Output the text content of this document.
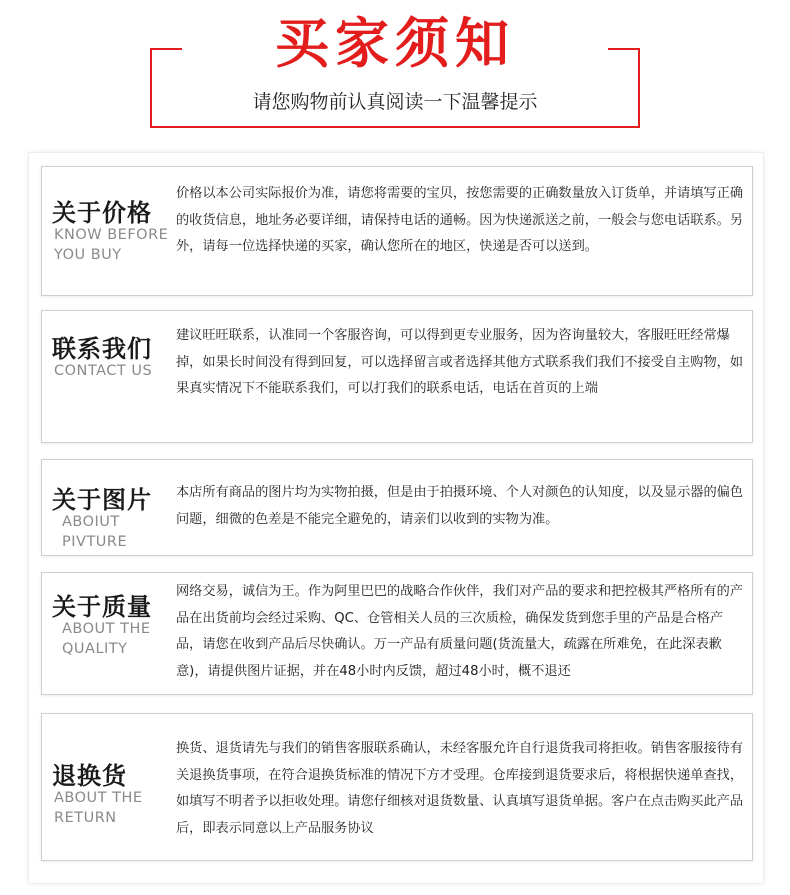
买家须知
请您购物前认真阅读一下温馨提示
关于价格
KNOW BEFORE
YOU BUY
价格以本公司实际报价为准，请您将需要的宝贝，按您需要的正确数量放入订货单，并请填写正确的收货信息，地址务必要详细，请保持电话的通畅。因为快递派送之前，一般会与您电话联系。另外，请每一位选择快递的买家，确认您所在的地区，快递是否可以送到。
联系我们
CONTACT US
建议旺旺联系，认准同一个客服咨询，可以得到更专业服务，因为咨询量较大，客服旺旺经常爆掉，如果长时间没有得到回复，可以选择留言或者选择其他方式联系我们我们不接受自主购物，如果真实情况下不能联系我们，可以打我们的联系电话，电话在首页的上端
关于图片
ABOIUT
PIVTURE
本店所有商品的图片均为实物拍摄，但是由于拍摄环境、个人对颜色的认知度，以及显示器的偏色问题，细微的色差是不能完全避免的，请亲们以收到的实物为准。
关于质量
ABOUT THE
QUALITY
网络交易，诚信为王。作为阿里巴巴的战略合作伙伴，我们对产品的要求和把控极其严格所有的产品在出货前均会经过采购、QC、仓管相关人员的三次质检，确保发货到您手里的产品是合格产品，请您在收到产品后尽快确认。万一产品有质量问题(货流量大，疏露在所难免，在此深表歉意)，请提供图片证据，并在48小时内反馈，超过48小时，概不退还
退换货
ABOUT THE
RETURN
换货、退货请先与我们的销售客服联系确认，未经客服允许自行退货我司将拒收。销售客服接待有关退换货事项，在符合退换货标准的情况下方才受理。仓库接到退货要求后，将根据快递单查找，如填写不明者予以拒收处理。请您仔细核对退货数量、认真填写退货单据。客户在点击购买此产品后，即表示同意以上产品服务协议
